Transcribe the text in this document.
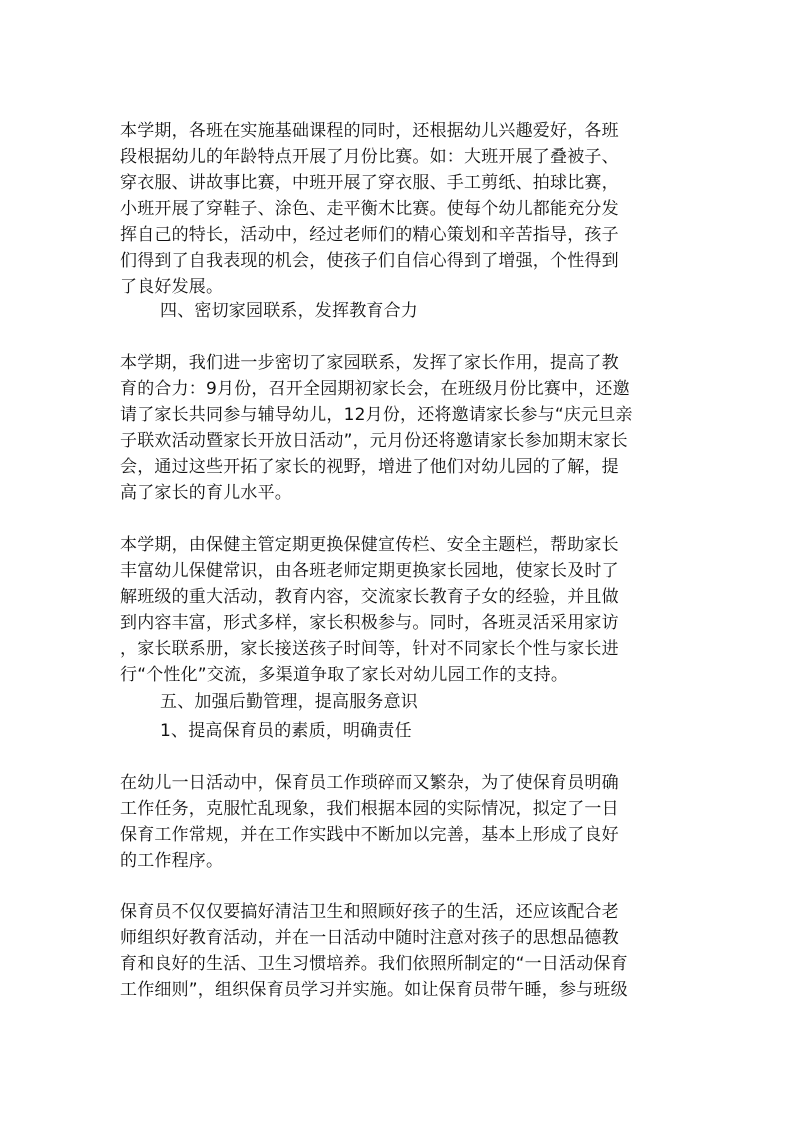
本学期，各班在实施基础课程的同时，还根据幼儿兴趣爱好，各班

段根据幼儿的年龄特点开展了月份比赛。如：大班开展了叠被子、

穿衣服、讲故事比赛，中班开展了穿衣服、手工剪纸、拍球比赛，

小班开展了穿鞋子、涂色、走平衡木比赛。使每个幼儿都能充分发

挥自己的特长，活动中，经过老师们的精心策划和辛苦指导，孩子

们得到了自我表现的机会，使孩子们自信心得到了增强，个性得到

了良好发展。

四、密切家园联系，发挥教育合力

本学期，我们进一步密切了家园联系，发挥了家长作用，提高了教

育的合力：9月份，召开全园期初家长会，在班级月份比赛中，还邀

请了家长共同参与辅导幼儿，12月份，还将邀请家长参与“庆元旦亲

子联欢活动暨家长开放日活动”，元月份还将邀请家长参加期末家长

会，通过这些开拓了家长的视野，增进了他们对幼儿园的了解，提

高了家长的育儿水平。

本学期，由保健主管定期更换保健宣传栏、安全主题栏，帮助家长

丰富幼儿保健常识，由各班老师定期更换家长园地，使家长及时了

解班级的重大活动，教育内容，交流家长教育子女的经验，并且做

到内容丰富，形式多样，家长积极参与。同时，各班灵活采用家访

，家长联系册，家长接送孩子时间等，针对不同家长个性与家长进

行“个性化”交流，多渠道争取了家长对幼儿园工作的支持。

五、加强后勤管理，提高服务意识

1、提高保育员的素质，明确责任

在幼儿一日活动中，保育员工作琐碎而又繁杂，为了使保育员明确

工作任务，克服忙乱现象，我们根据本园的实际情况，拟定了一日

保育工作常规，并在工作实践中不断加以完善，基本上形成了良好

的工作程序。

保育员不仅仅要搞好清洁卫生和照顾好孩子的生活，还应该配合老

师组织好教育活动，并在一日活动中随时注意对孩子的思想品德教

育和良好的生活、卫生习惯培养。我们依照所制定的“一日活动保育

工作细则”，组织保育员学习并实施。如让保育员带午睡，参与班级
